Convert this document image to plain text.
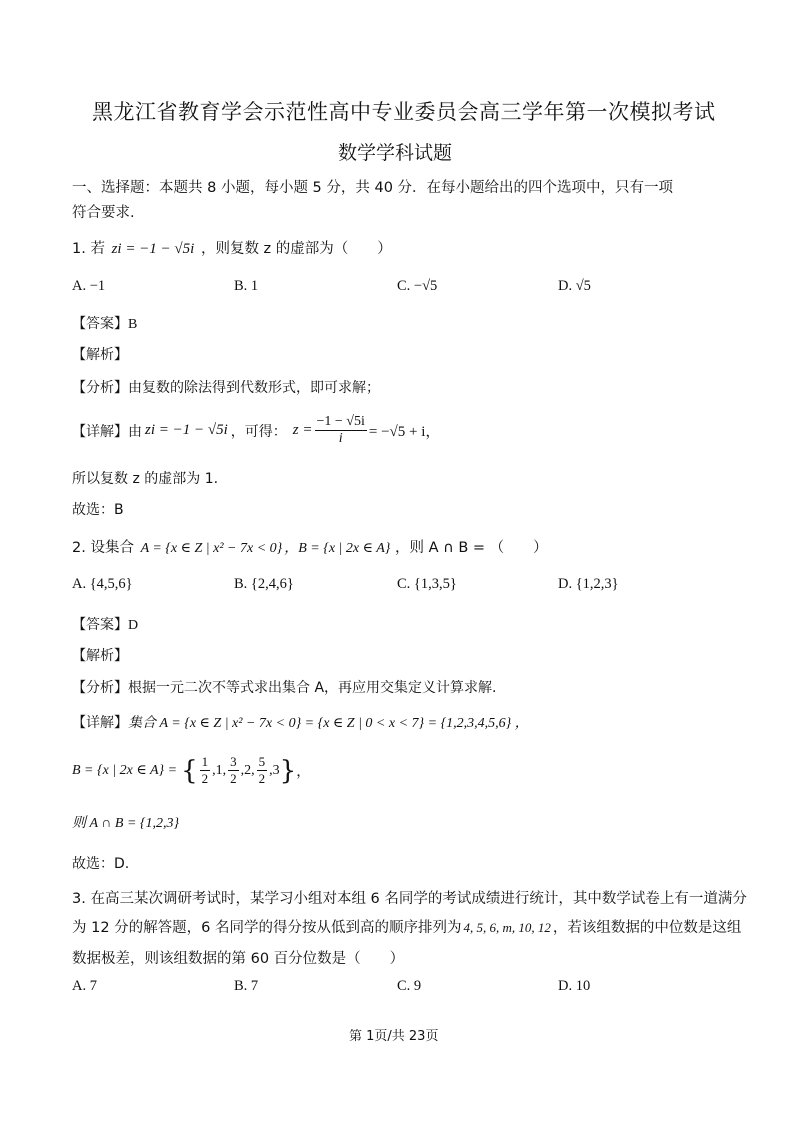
黑龙江省教育学会示范性高中专业委员会高三学年第一次模拟考试
数学学科试题
一、选择题：本题共 8 小题，每小题 5 分，共 40 分．在每小题给出的四个选项中，只有一项
符合要求.
1. 若 zi = −1 − √5i ，则复数 z 的虚部为（　　）
A. −1	B. 1	C. −√5	D. √5
【答案】B
【解析】
【分析】由复数的除法得到代数形式，即可求解；
【详解】 由 zi = −1 − √5i ，可得： $z = \frac{-1 - √5i}{i} = -√5 + i$，
所以复数 z 的虚部为 1.
故选：B
2. 设集合 A = {x ∈ Z | x² − 7x < 0} ，B = {x | 2x ∈ A} ，则 A ∩ B = （　　）
A. {4,5,6}	B. {2,4,6}	C. {1,3,5}	D. {1,2,3}
【答案】D
【解析】
【分析】根据一元二次不等式求出集合 A，再应用交集定义计算求解.
【详解】集合 A = {x ∈ Z | x² − 7x < 0} = {x ∈ Z | 0 < x < 7} = {1,2,3,4,5,6} ，
B = {x | 2x ∈ A} = { $\frac{1}{2}$ , 1 , $\frac{3}{2}$ , 2 , $\frac{5}{2}$ , 3 } ，
则 A ∩ B = {1,2,3}
故选：D.
3. 在高三某次调研考试时，某学习小组对本组 6 名同学的考试成绩进行统计，其中数学试卷上有一道满分
为 12 分的解答题，6 名同学的得分按从低到高的顺序排列为 4, 5, 6, m, 10, 12 ，若该组数据的中位数是这组
数据极差，则该组数据的第 60 百分位数是（　　）
A. 7	B. 7	C. 9	D. 10
第 1页/共 23页
